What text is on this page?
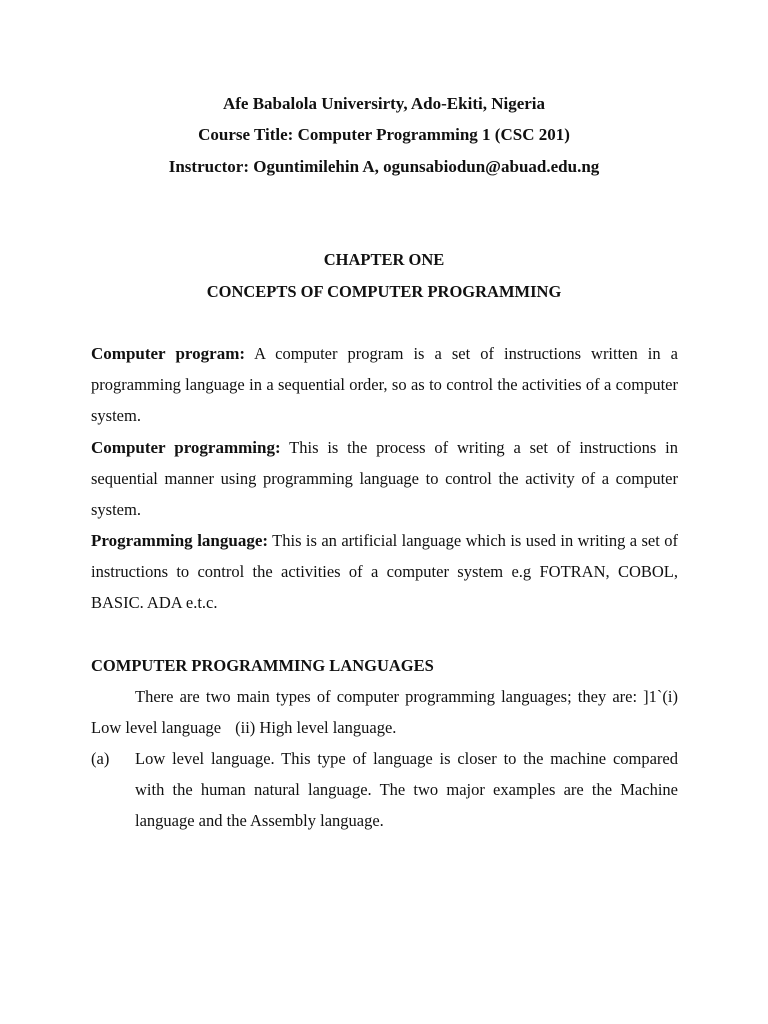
Afe Babalola Universirty, Ado-Ekiti, Nigeria
Course Title: Computer Programming 1 (CSC 201)
Instructor: Oguntimilehin A, ogunsabiodun@abuad.edu.ng
CHAPTER ONE
CONCEPTS OF COMPUTER PROGRAMMING
Computer program: A computer program is a set of instructions written in a programming language in a sequential order, so as to control the activities of a computer system.
Computer programming: This is the process of writing a set of instructions in sequential manner using programming language to control the activity of a computer system.
Programming language: This is an artificial language which is used in writing a set of instructions to control the activities of a computer system e.g FOTRAN, COBOL, BASIC. ADA e.t.c.
COMPUTER PROGRAMMING LANGUAGES
There are two main types of computer programming languages; they are: ]1`(i) Low level language (ii) High level language.
(a)	Low level language. This type of language is closer to the machine compared with the human natural language. The two major examples are the Machine language and the Assembly language.
